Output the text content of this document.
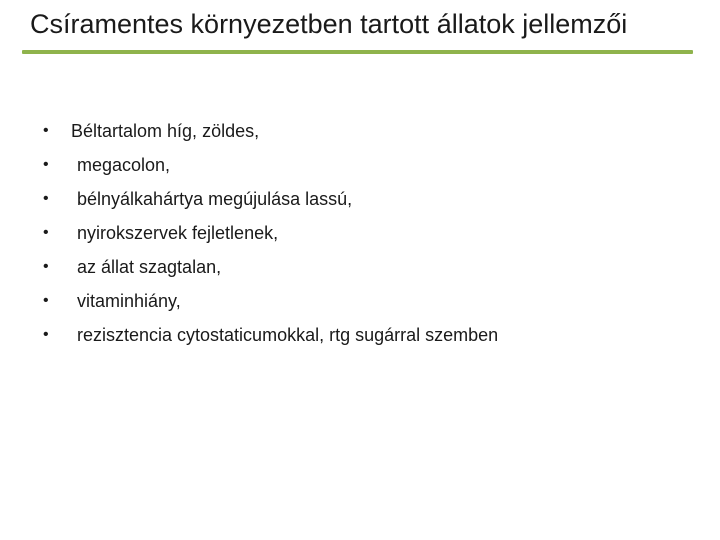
Csíramentes környezetben tartott állatok jellemzői
• Béltartalom híg, zöldes,
• megacolon,
• bélnyálkahártya megújulása lassú,
• nyirokszervek fejletlenek,
• az állat szagtalan,
• vitaminhiány,
• rezisztencia cytostaticumokkal, rtg sugárral szemben
